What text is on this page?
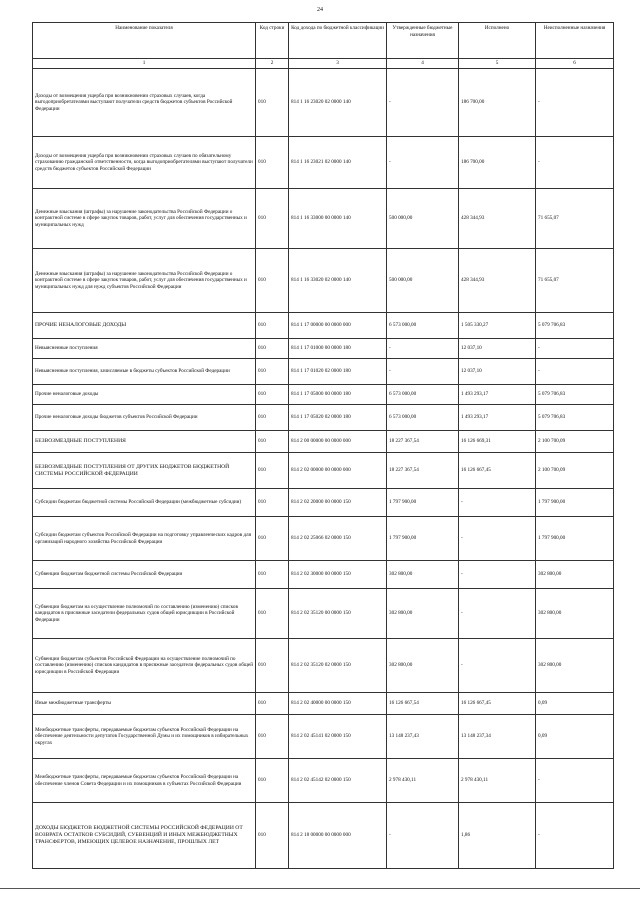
24
Наименование показателя	Код строки	Код дохода по бюджетной классификации	Утвержденные бюджетные назначения	Исполнено	Неисполненные назначения
1	2	3	4	5	6
Доходы от возмещения ущерба при возникновении страховых случаев, когда выгодоприобретателями выступают получатели средств бюджетов субъектов Российской Федерации	010	814 1 16 23020 02 0000 140	-	186 700,00	-
Доходы от возмещения ущерба при возникновении страховых случаев по обязательному страхованию гражданской ответственности, когда выгодоприобретателями выступают получатели средств бюджетов субъектов Российской Федерации	010	814 1 16 23021 02 0000 140	-	186 700,00	-
Денежные взыскания (штрафы) за нарушение законодательства Российской Федерации о контрактной системе в сфере закупок товаров, работ, услуг для обеспечения государственных и муниципальных нужд	010	814 1 16 33000 00 0000 140	500 000,00	428 344,93	71 655,07
Денежные взыскания (штрафы) за нарушение законодательства Российской Федерации о контрактной системе в сфере закупок товаров, работ, услуг для обеспечения государственных и муниципальных нужд для нужд субъектов Российской Федерации	010	814 1 16 33020 02 0000 140	500 000,00	428 344,93	71 655,07
ПРОЧИЕ НЕНАЛОГОВЫЕ ДОХОДЫ	010	814 1 17 00000 00 0000 000	6 573 000,00	1 505 330,27	5 079 706,83
Невыясненные поступления	010	814 1 17 01000 00 0000 180	-	12 037,10	-
Невыясненные поступления, зачисляемые в бюджеты субъектов Российской Федерации	010	814 1 17 01020 02 0000 180	-	12 037,10	-
Прочие неналоговые доходы	010	814 1 17 05000 00 0000 180	6 573 000,00	1 493 293,17	5 079 706,83
Прочие неналоговые доходы бюджетов субъектов Российской Федерации	010	814 1 17 05020 02 0000 180	6 573 000,00	1 493 293,17	5 079 706,83
БЕЗВОЗМЕЗДНЫЕ ПОСТУПЛЕНИЯ	010	814 2 00 00000 00 0000 000	18 227 367,54	16 126 669,31	2 100 700,09
БЕЗВОЗМЕЗДНЫЕ ПОСТУПЛЕНИЯ ОТ ДРУГИХ БЮДЖЕТОВ БЮДЖЕТНОЙ СИСТЕМЫ РОССИЙСКОЙ ФЕДЕРАЦИИ	010	814 2 02 00000 00 0000 000	18 227 367,54	16 126 667,45	2 100 700,09
Субсидии бюджетам бюджетной системы Российской Федерации (межбюджетные субсидии)	010	814 2 02 20000 00 0000 150	1 797 900,00	-	1 797 900,00
Субсидии бюджетам субъектов Российской Федерации на подготовку управленческих кадров для организаций народного хозяйства Российской Федерации	010	814 2 02 25066 02 0000 150	1 797 900,00	-	1 797 900,00
Субвенции бюджетам бюджетной системы Российской Федерации	010	814 2 02 30000 00 0000 150	302 800,00	-	302 800,00
Субвенции бюджетам на осуществление полномочий по составлению (изменению) списков кандидатов в присяжные заседатели федеральных судов общей юрисдикции в Российской Федерации	010	814 2 02 35120 00 0000 150	302 800,00	-	302 800,00
Субвенции бюджетам субъектов Российской Федерации на осуществление полномочий по составлению (изменению) списков кандидатов в присяжные заседатели федеральных судов общей юрисдикции в Российской Федерации	010	814 2 02 35120 02 0000 150	302 800,00	-	302 800,00
Иные межбюджетные трансферты	010	814 2 02 40000 00 0000 150	16 126 667,54	16 126 667,45	0,09
Межбюджетные трансферты, передаваемые бюджетам субъектов Российской Федерации на обеспечение деятельности депутатов Государственной Думы и их помощников в избирательных округах	010	814 2 02 45141 02 0000 150	13 148 237,43	13 148 237,34	0,09
Межбюджетные трансферты, передаваемые бюджетам субъектов Российской Федерации на обеспечение членов Совета Федерации и их помощников в субъектах Российской Федерации	010	814 2 02 45142 02 0000 150	2 978 430,11	2 978 430,11	-
ДОХОДЫ БЮДЖЕТОВ БЮДЖЕТНОЙ СИСТЕМЫ РОССИЙСКОЙ ФЕДЕРАЦИИ ОТ ВОЗВРАТА ОСТАТКОВ СУБСИДИЙ, СУБВЕНЦИЙ И ИНЫХ МЕЖБЮДЖЕТНЫХ ТРАНСФЕРТОВ, ИМЕЮЩИХ ЦЕЛЕВОЕ НАЗНАЧЕНИЕ, ПРОШЛЫХ ЛЕТ	010	814 2 18 00000 00 0000 000	-	1,86	-
